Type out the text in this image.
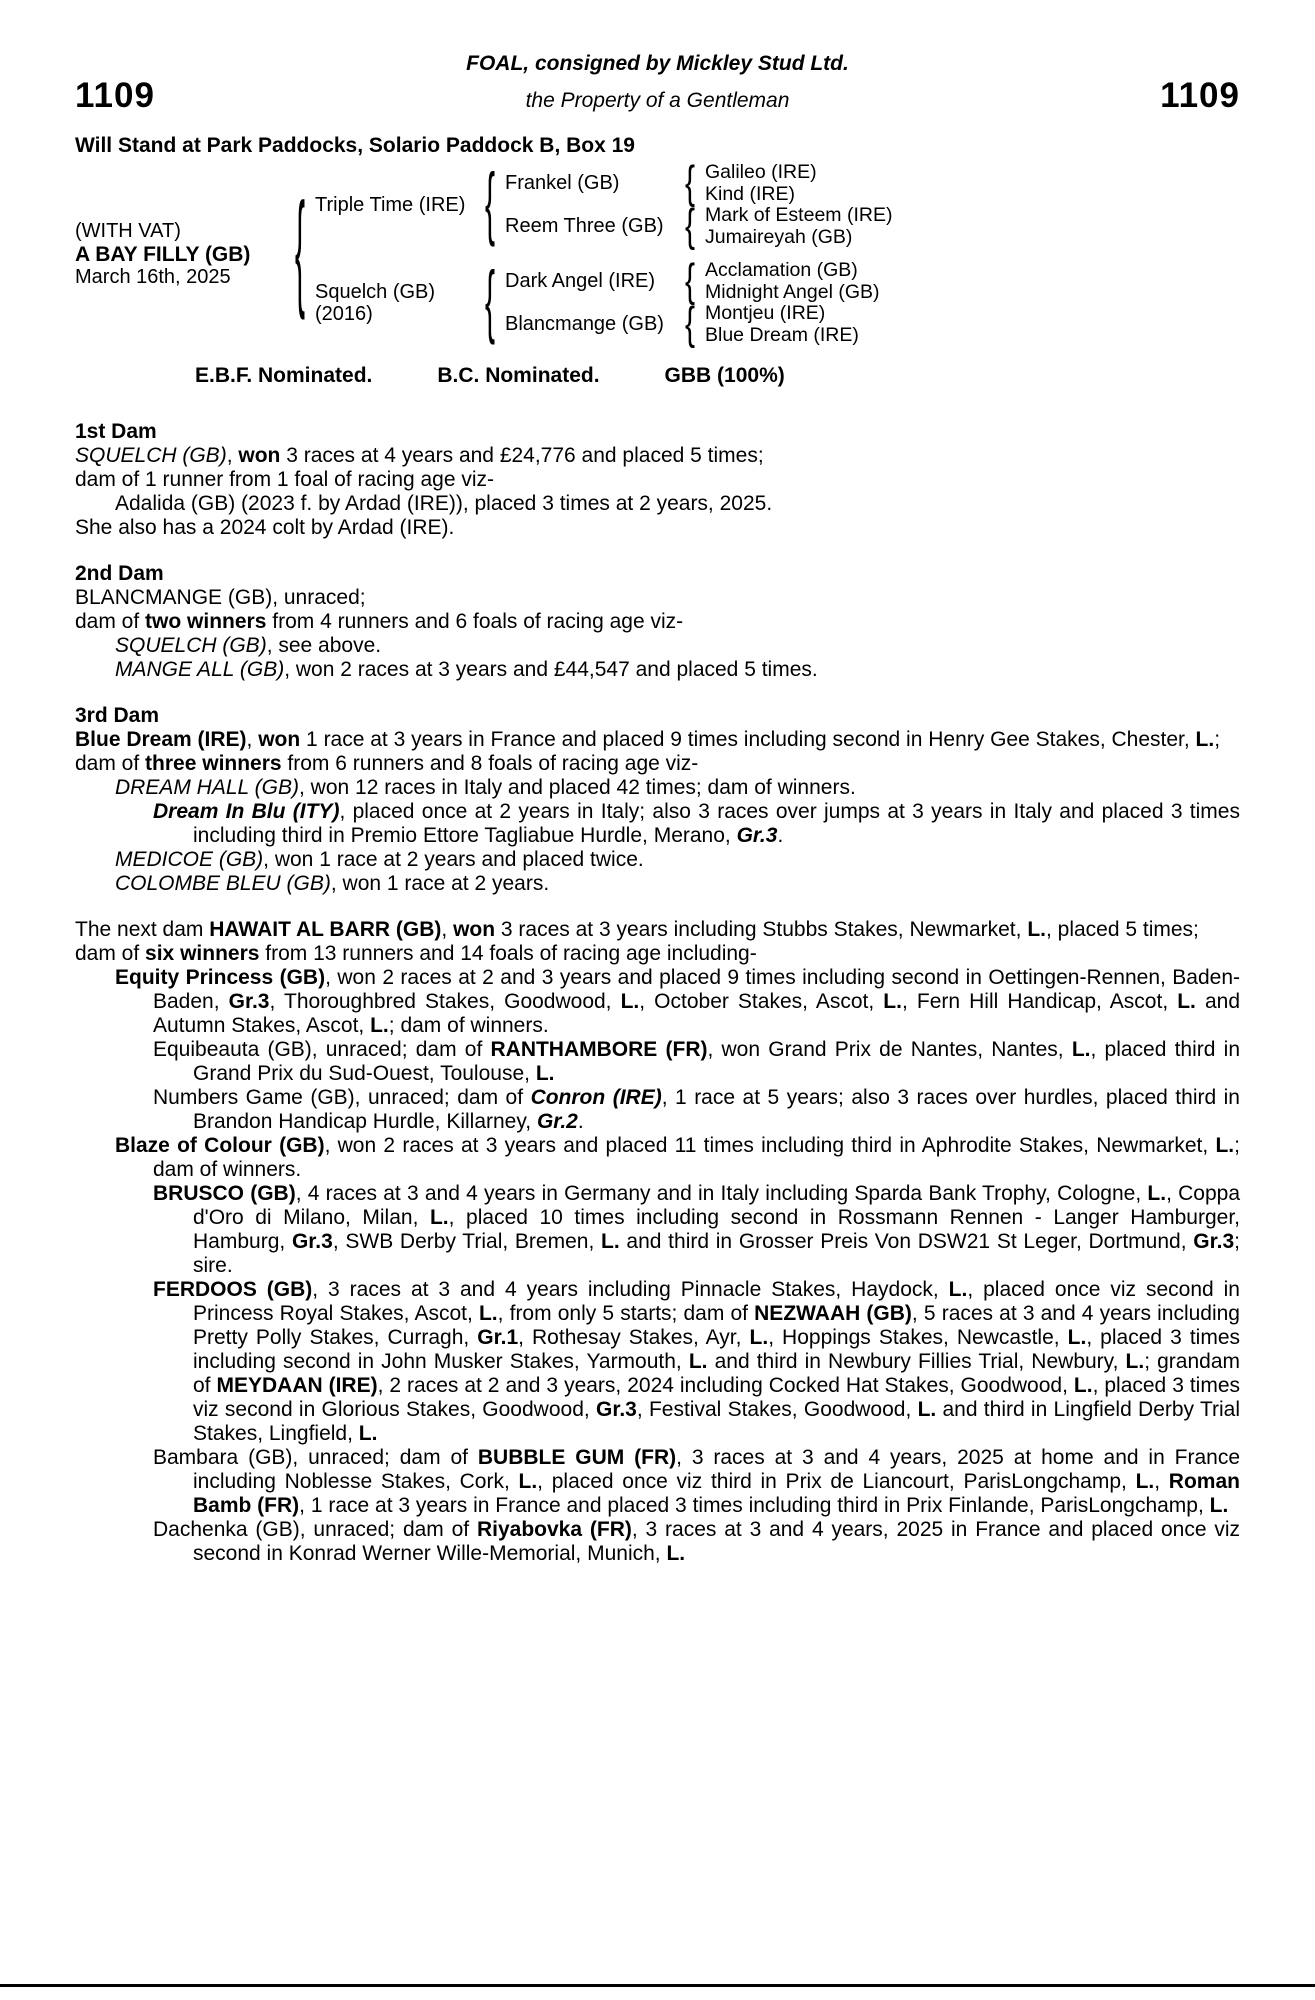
FOAL, consigned by Mickley Stud Ltd.
1109	the Property of a Gentleman	1109
Will Stand at Park Paddocks, Solario Paddock B, Box 19
(WITH VAT)
A BAY FILLY (GB)
March 16th, 2025	{ Triple Time (IRE) { Frankel (GB)	{ Galileo (IRE)
Kind (IRE)
Reem Three (GB) { Mark of Esteem (IRE)
Jumaireyah (GB)
Squelch (GB)
(2016)	{ Dark Angel (IRE) { Acclamation (GB)
Midnight Angel (GB)
Blancmange (GB) { Montjeu (IRE)
Blue Dream (IRE)
E.B.F. Nominated.	B.C. Nominated.	GBB (100%)
1st Dam

SQUELCH (GB), won 3 races at 4 years and £24,776 and placed 5 times;

dam of 1 runner from 1 foal of racing age viz-

Adalida (GB) (2023 f. by Ardad (IRE)), placed 3 times at 2 years, 2025.

She also has a 2024 colt by Ardad (IRE).

2nd Dam

BLANCMANGE (GB), unraced;

dam of two winners from 4 runners and 6 foals of racing age viz-

SQUELCH (GB), see above.

MANGE ALL (GB), won 2 races at 3 years and £44,547 and placed 5 times.

3rd Dam

Blue Dream (IRE), won 1 race at 3 years in France and placed 9 times including second in Henry Gee Stakes, Chester, L.;

dam of three winners from 6 runners and 8 foals of racing age viz-

DREAM HALL (GB), won 12 races in Italy and placed 42 times; dam of winners.

Dream In Blu (ITY), placed once at 2 years in Italy; also 3 races over jumps at 3 years in Italy and placed 3 times including third in Premio Ettore Tagliabue Hurdle, Merano, Gr.3.

MEDICOE (GB), won 1 race at 2 years and placed twice.

COLOMBE BLEU (GB), won 1 race at 2 years.

The next dam HAWAIT AL BARR (GB), won 3 races at 3 years including Stubbs Stakes, Newmarket, L., placed 5 times;

dam of six winners from 13 runners and 14 foals of racing age including-

Equity Princess (GB), won 2 races at 2 and 3 years and placed 9 times including second in Oettingen-Rennen, Baden-Baden, Gr.3, Thoroughbred Stakes, Goodwood, L., October Stakes, Ascot, L., Fern Hill Handicap, Ascot, L. and Autumn Stakes, Ascot, L.; dam of winners.

Equibeauta (GB), unraced; dam of RANTHAMBORE (FR), won Grand Prix de Nantes, Nantes, L., placed third in Grand Prix du Sud-Ouest, Toulouse, L.

Numbers Game (GB), unraced; dam of Conron (IRE), 1 race at 5 years; also 3 races over hurdles, placed third in Brandon Handicap Hurdle, Killarney, Gr.2.

Blaze of Colour (GB), won 2 races at 3 years and placed 11 times including third in Aphrodite Stakes, Newmarket, L.; dam of winners.

BRUSCO (GB), 4 races at 3 and 4 years in Germany and in Italy including Sparda Bank Trophy, Cologne, L., Coppa d'Oro di Milano, Milan, L., placed 10 times including second in Rossmann Rennen - Langer Hamburger, Hamburg, Gr.3, SWB Derby Trial, Bremen, L. and third in Grosser Preis Von DSW21 St Leger, Dortmund, Gr.3; sire.

FERDOOS (GB), 3 races at 3 and 4 years including Pinnacle Stakes, Haydock, L., placed once viz second in Princess Royal Stakes, Ascot, L., from only 5 starts; dam of NEZWAAH (GB), 5 races at 3 and 4 years including Pretty Polly Stakes, Curragh, Gr.1, Rothesay Stakes, Ayr, L., Hoppings Stakes, Newcastle, L., placed 3 times including second in John Musker Stakes, Yarmouth, L. and third in Newbury Fillies Trial, Newbury, L.; grandam of MEYDAAN (IRE), 2 races at 2 and 3 years, 2024 including Cocked Hat Stakes, Goodwood, L., placed 3 times viz second in Glorious Stakes, Goodwood, Gr.3, Festival Stakes, Goodwood, L. and third in Lingfield Derby Trial Stakes, Lingfield, L.

Bambara (GB), unraced; dam of BUBBLE GUM (FR), 3 races at 3 and 4 years, 2025 at home and in France including Noblesse Stakes, Cork, L., placed once viz third in Prix de Liancourt, ParisLongchamp, L., Roman Bamb (FR), 1 race at 3 years in France and placed 3 times including third in Prix Finlande, ParisLongchamp, L.

Dachenka (GB), unraced; dam of Riyabovka (FR), 3 races at 3 and 4 years, 2025 in France and placed once viz second in Konrad Werner Wille-Memorial, Munich, L.
